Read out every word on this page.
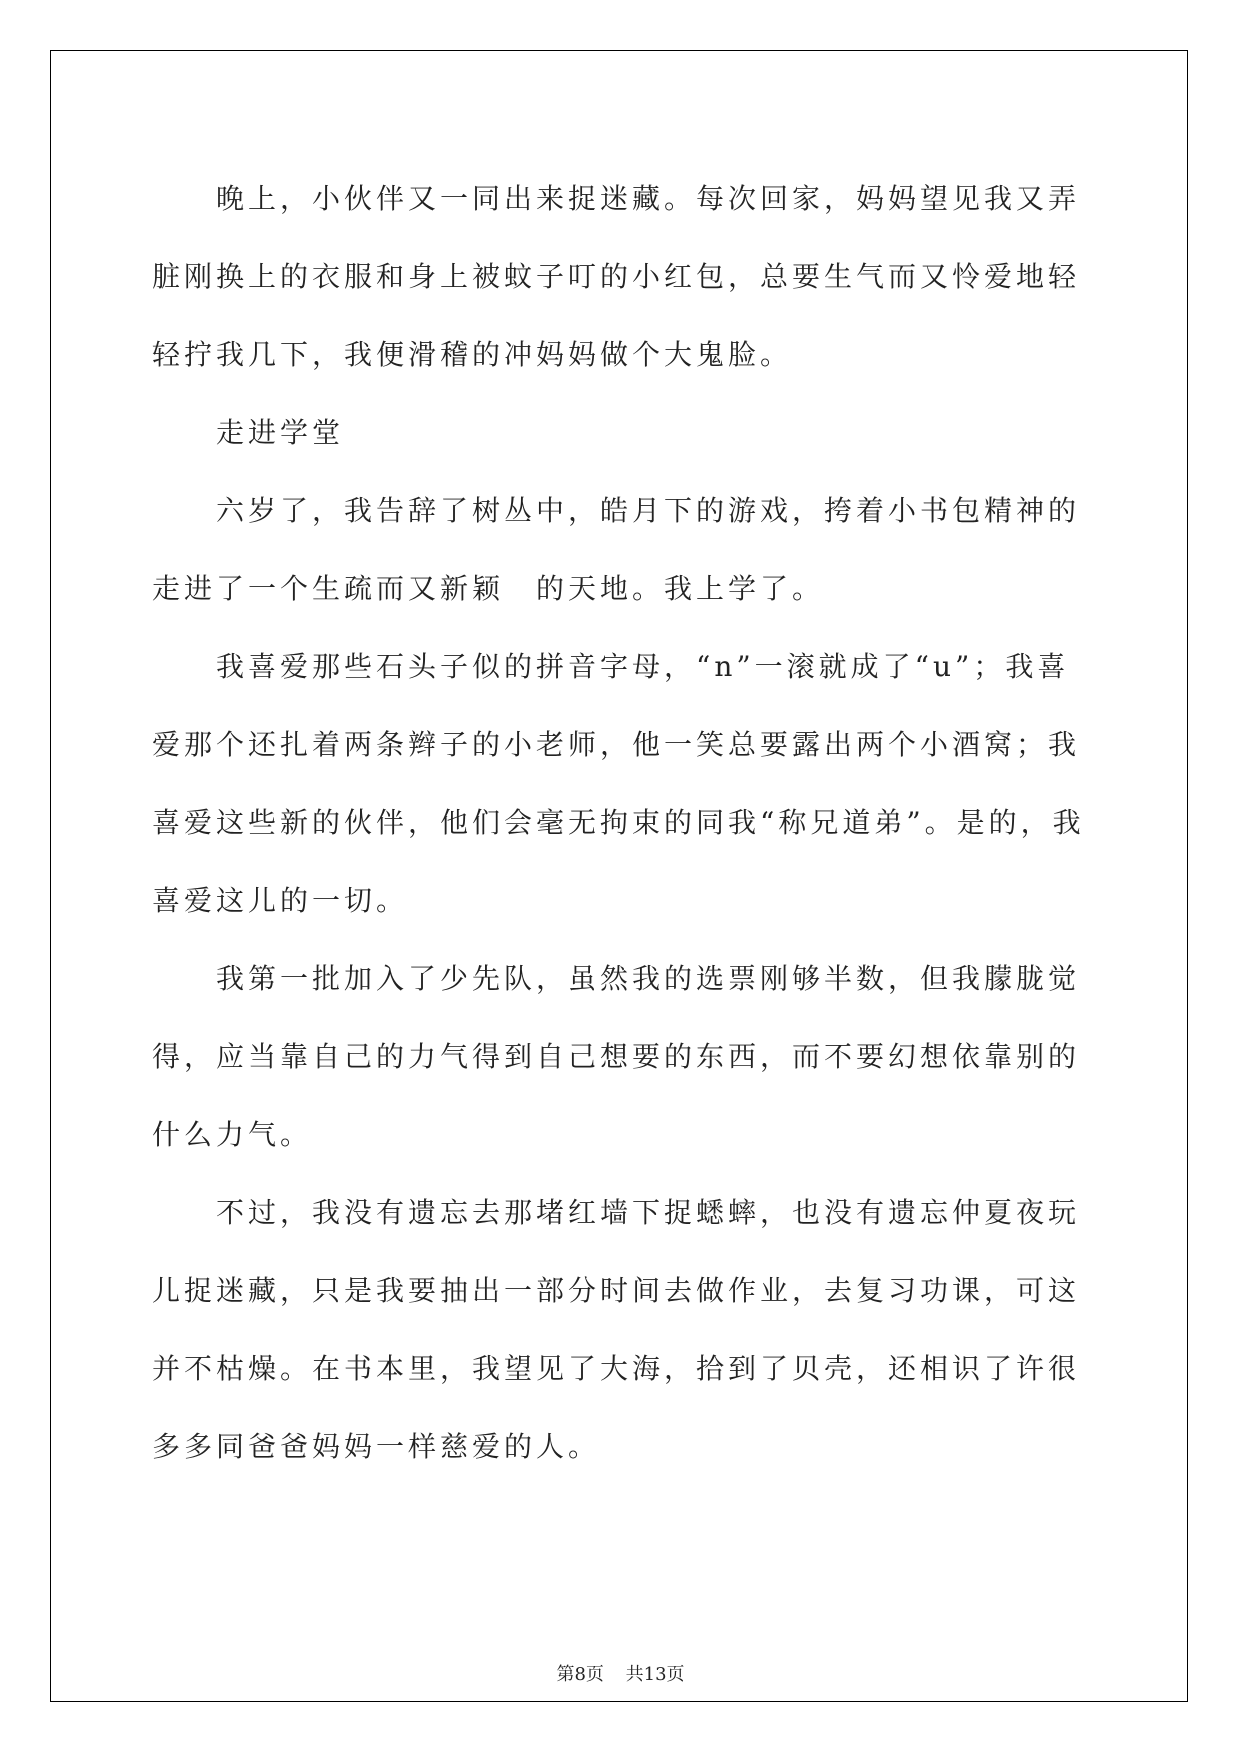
晚上，小伙伴又一同出来捉迷藏。每次回家，妈妈望见我又弄脏刚换上的衣服和身上被蚊子叮的小红包，总要生气而又怜爱地轻轻拧我几下，我便滑稽的冲妈妈做个大鬼脸。

走进学堂

六岁了，我告辞了树丛中，皓月下的游戏，挎着小书包精神的走进了一个生疏而又新颖　的天地。我上学了。

我喜爱那些石头子似的拼音字母，“n”一滚就成了“u”；我喜爱那个还扎着两条辫子的小老师，他一笑总要露出两个小酒窝；我喜爱这些新的伙伴，他们会毫无拘束的同我“称兄道弟”。是的，我喜爱这儿的一切。

我第一批加入了少先队，虽然我的选票刚够半数，但我朦胧觉得，应当靠自己的力气得到自己想要的东西，而不要幻想依靠别的什么力气。

不过，我没有遗忘去那堵红墙下捉蟋蟀，也没有遗忘仲夏夜玩儿捉迷藏，只是我要抽出一部分时间去做作业，去复习功课，可这并不枯燥。在书本里，我望见了大海，拾到了贝壳，还相识了许很多多同爸爸妈妈一样慈爱的人。

第8页 共13页
